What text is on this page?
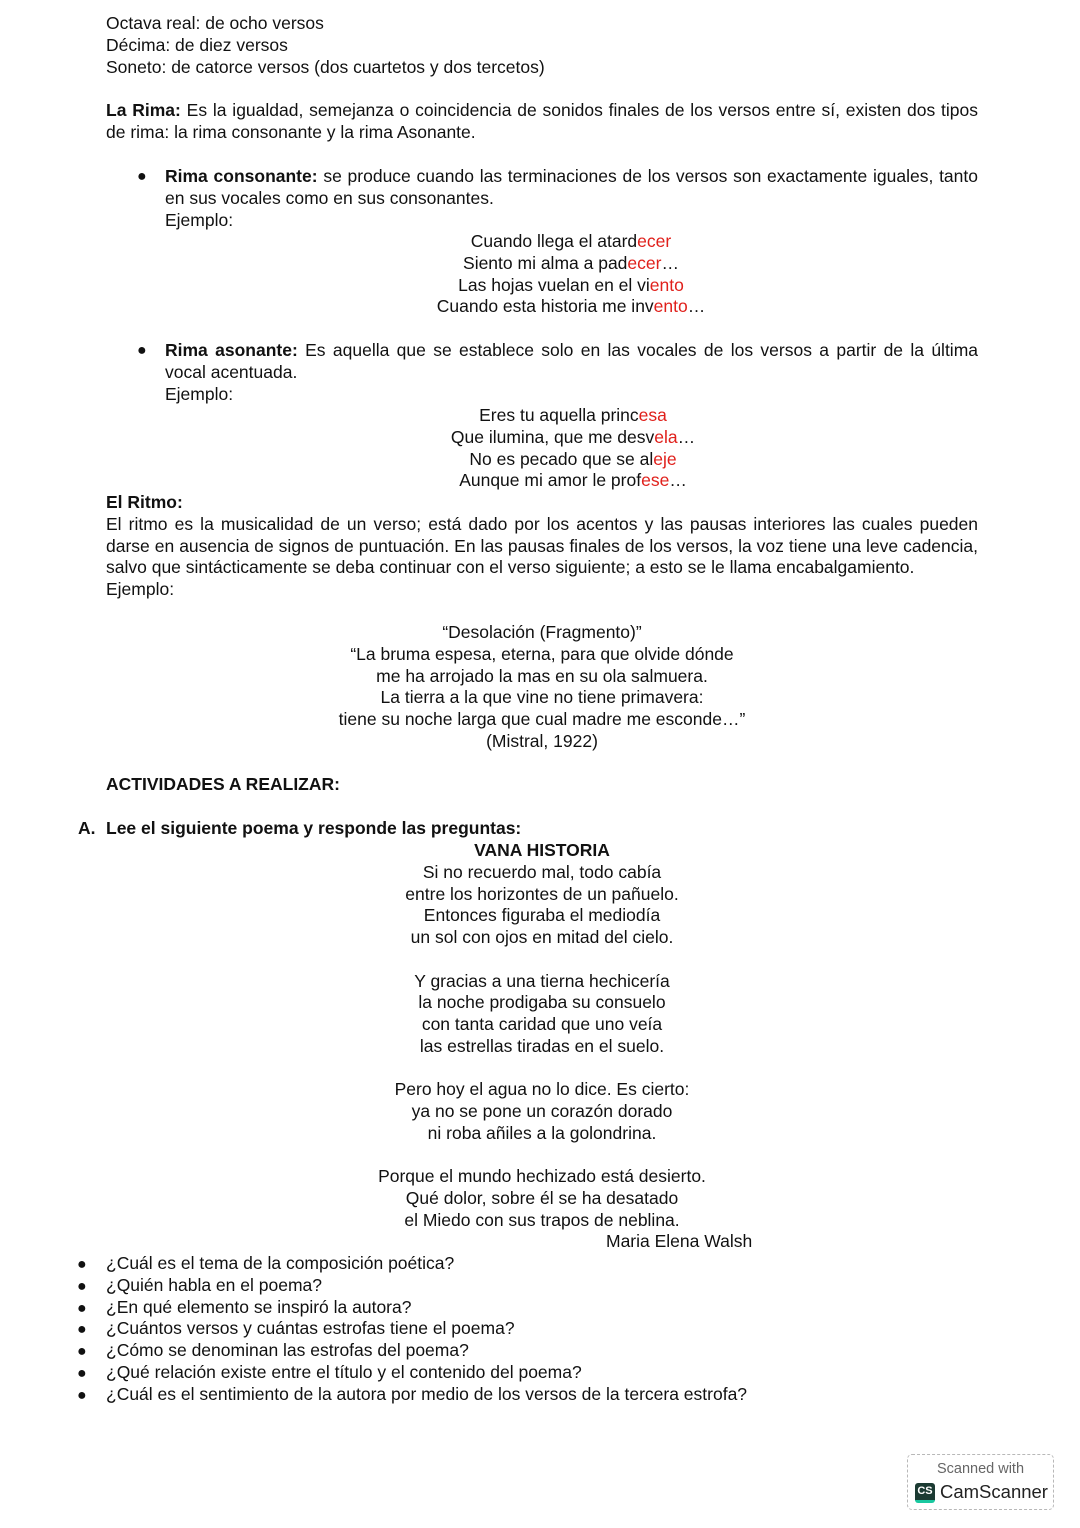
Octava real: de ocho versos
Décima: de diez versos
Soneto: de catorce versos (dos cuartetos y dos tercetos)
La Rima: Es la igualdad, semejanza o coincidencia de sonidos finales de los versos entre sí, existen dos tipos de rima: la rima consonante y la rima Asonante.
● Rima consonante: se produce cuando las terminaciones de los versos son exactamente iguales, tanto en sus vocales como en sus consonantes.
Ejemplo:
Cuando llega el atardecer
Siento mi alma a padecer…
Las hojas vuelan en el viento
Cuando esta historia me invento…
● Rima asonante: Es aquella que se establece solo en las vocales de los versos a partir de la última vocal acentuada.
Ejemplo:
Eres tu aquella princesa
Que ilumina, que me desvela…
No es pecado que se aleje
Aunque mi amor le profese…
El Ritmo:
El ritmo es la musicalidad de un verso; está dado por los acentos y las pausas interiores las cuales pueden darse en ausencia de signos de puntuación. En las pausas finales de los versos, la voz tiene una leve cadencia, salvo que sintácticamente se deba continuar con el verso siguiente; a esto se le llama encabalgamiento.
Ejemplo:
“Desolación (Fragmento)”
“La bruma espesa, eterna, para que olvide dónde
me ha arrojado la mas en su ola salmuera.
La tierra a la que vine no tiene primavera:
tiene su noche larga que cual madre me esconde…”
(Mistral, 1922)
ACTIVIDADES A REALIZAR:
A. Lee el siguiente poema y responde las preguntas:
VANA HISTORIA
Si no recuerdo mal, todo cabía
entre los horizontes de un pañuelo.
Entonces figuraba el mediodía
un sol con ojos en mitad del cielo.

Y gracias a una tierna hechicería
la noche prodigaba su consuelo
con tanta caridad que uno veía
las estrellas tiradas en el suelo.

Pero hoy el agua no lo dice. Es cierto:
ya no se pone un corazón dorado
ni roba añiles a la golondrina.

Porque el mundo hechizado está desierto.
Qué dolor, sobre él se ha desatado
el Miedo con sus trapos de neblina.
Maria Elena Walsh
● ¿Cuál es el tema de la composición poética?
● ¿Quién habla en el poema?
● ¿En qué elemento se inspiró la autora?
● ¿Cuántos versos y cuántas estrofas tiene el poema?
● ¿Cómo se denominan las estrofas del poema?
● ¿Qué relación existe entre el título y el contenido del poema?
● ¿Cuál es el sentimiento de la autora por medio de los versos de la tercera estrofa?
Scanned with
CS CamScanner
